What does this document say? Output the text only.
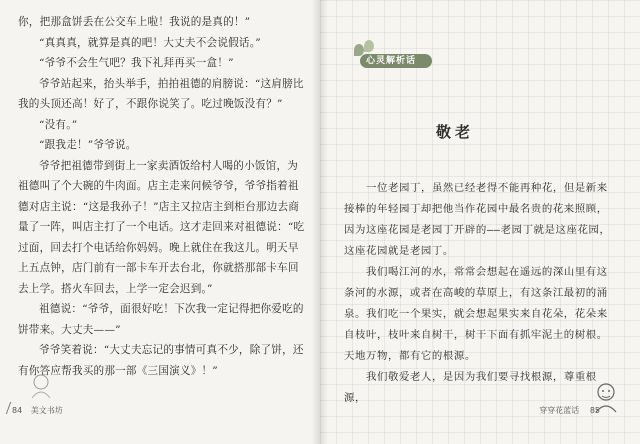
你，把那盒饼丢在公交车上啦！我说的是真的！”

“真真真，就算是真的吧！大丈夫不会说假话。”

“爷爷不会生气吧？我下礼拜再买一盒！”

爷爷站起来，抬头举手，拍拍祖德的肩膀说：“这肩膀比我的头顶还高！好了，不跟你说笑了。吃过晚饭没有？”

“没有。”

“跟我走！”爷爷说。

爷爷把祖德带到街上一家卖酒饭给村人喝的小饭馆，为祖德叫了个大碗的牛肉面。店主走来问候爷爷，爷爷指着祖德对店主说：“这是我孙子！”店主又拉店主到柜台那边去商量了一阵，叫店主打了一个电话。这才走回来对祖德说：“吃过面，回去打个电话给你妈妈。晚上就住在我这儿。明天早上五点钟，店门前有一部卡车开去台北，你就搭那部卡车回去上学。搭火车回去，上学一定会迟到。”

祖德说：“爷爷，面很好吃！下次我一定记得把你爱吃的饼带来。大丈夫——”

爷爷笑着说：“大丈夫忘记的事情可真不少，除了饼，还有你答应帮我买的那一部《三国演义》！”

84 美文书坊
心灵解析话
敬老

一位老园丁，虽然已经老得不能再种花，但是新来接棒的年轻园丁却把他当作花园中最名贵的花来照顾，因为这座花园是老园丁开辟的——老园丁就是这座花园，这座花园就是老园丁。

我们喝江河的水，常常会想起在遥远的深山里有这条河的水源，或者在高峻的草原上，有这条江最初的涌泉。我们吃一个果实，就会想起果实来自花朵，花朵来自枝叶，枝叶来自树干，树干下面有抓牢泥土的树根。天地万物，都有它的根源。

我们敬爱老人，是因为我们要寻找根源，尊重根源，

穿穿花蓝话 85
